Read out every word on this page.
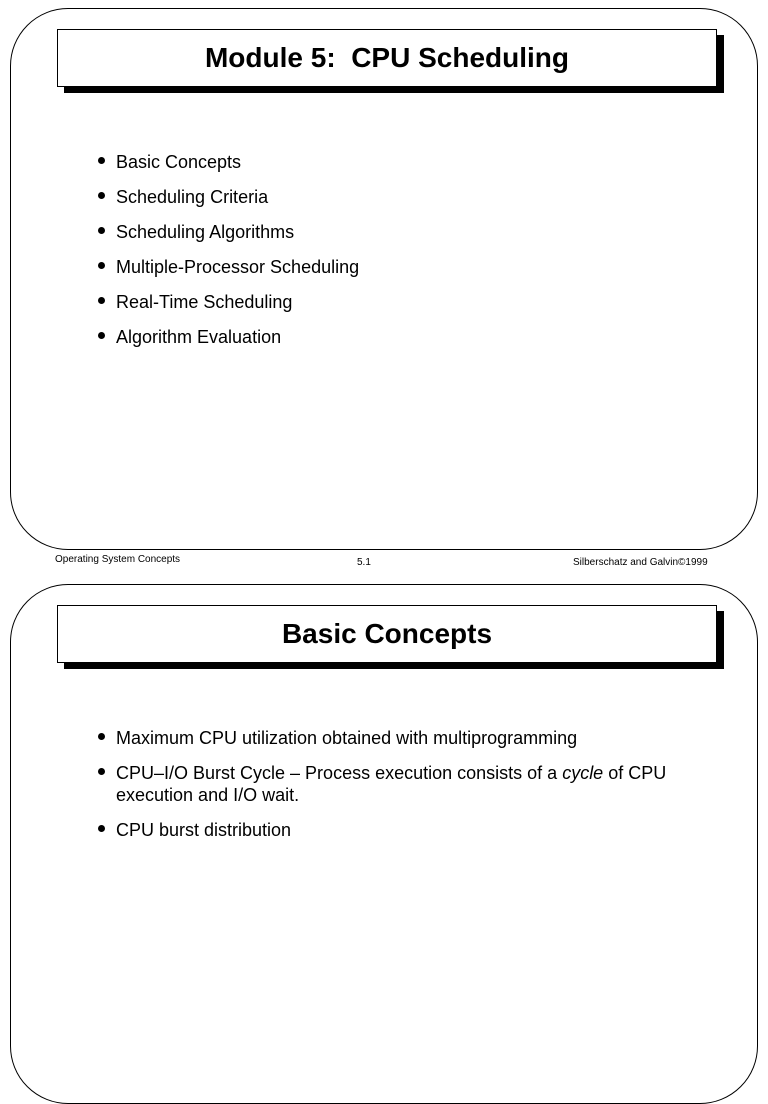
Module 5:  CPU Scheduling
Basic Concepts
Scheduling Criteria
Scheduling Algorithms
Multiple-Processor Scheduling
Real-Time Scheduling
Algorithm Evaluation
Operating System Concepts	5.1	Silberschatz and Galvin©1999
Basic Concepts
Maximum CPU utilization obtained with multiprogramming
CPU–I/O Burst Cycle – Process execution consists of a cycle of CPU execution and I/O wait.
CPU burst distribution
